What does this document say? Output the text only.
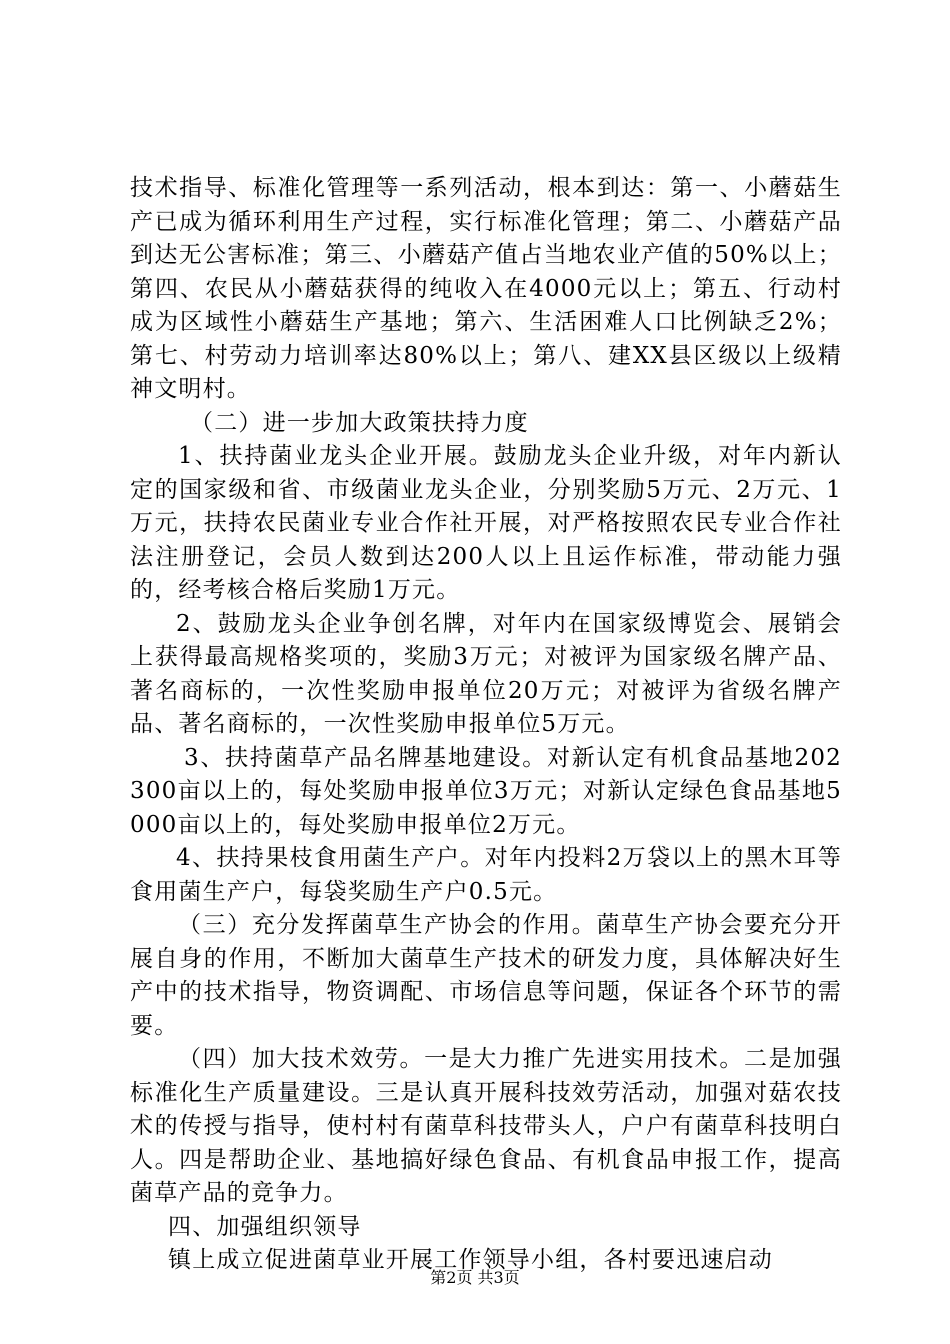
技术指导、标准化管理等一系列活动，根本到达：第一、小蘑菇生产已成为循环利用生产过程，实行标准化管理；第二、小蘑菇产品到达无公害标准；第三、小蘑菇产值占当地农业产值的50%以上；第四、农民从小蘑菇获得的纯收入在4000元以上；第五、行动村成为区域性小蘑菇生产基地；第六、生活困难人口比例缺乏2%；第七、村劳动力培训率达80%以上；第八、建XX县区级以上级精神文明村。

（二）进一步加大政策扶持力度

1、扶持菌业龙头企业开展。鼓励龙头企业升级，对年内新认定的国家级和省、市级菌业龙头企业，分别奖励5万元、2万元、1万元，扶持农民菌业专业合作社开展，对严格按照农民专业合作社法注册登记，会员人数到达200人以上且运作标准，带动能力强的，经考核合格后奖励1万元。

2、鼓励龙头企业争创名牌，对年内在国家级博览会、展销会上获得最高规格奖项的，奖励3万元；对被评为国家级名牌产品、著名商标的，一次性奖励申报单位20万元；对被评为省级名牌产品、著名商标的，一次性奖励申报单位5万元。

3、扶持菌草产品名牌基地建设。对新认定有机食品基地202300亩以上的，每处奖励申报单位3万元；对新认定绿色食品基地5000亩以上的，每处奖励申报单位2万元。

4、扶持果枝食用菌生产户。对年内投料2万袋以上的黑木耳等食用菌生产户，每袋奖励生产户0.5元。

（三）充分发挥菌草生产协会的作用。菌草生产协会要充分开展自身的作用，不断加大菌草生产技术的研发力度，具体解决好生产中的技术指导，物资调配、市场信息等问题，保证各个环节的需要。

（四）加大技术效劳。一是大力推广先进实用技术。二是加强标准化生产质量建设。三是认真开展科技效劳活动，加强对菇农技术的传授与指导，使村村有菌草科技带头人，户户有菌草科技明白人。四是帮助企业、基地搞好绿色食品、有机食品申报工作，提高菌草产品的竞争力。

四、加强组织领导

镇上成立促进菌草业开展工作领导小组，各村要迅速启动

第2页 共3页
